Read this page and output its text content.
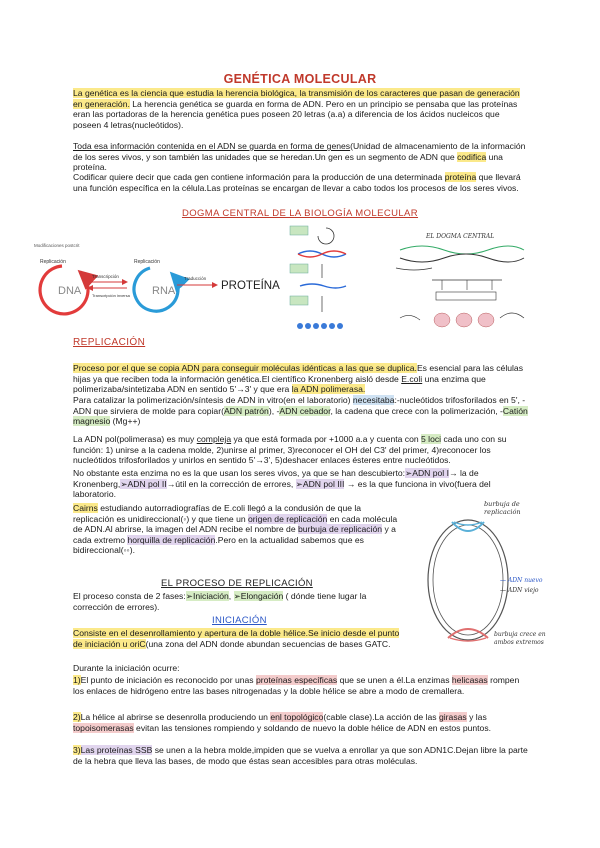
GENÉTICA MOLECULAR

La genética es la ciencia que estudia la herencia biológica, la transmisión de los caracteres que pasan de generación en generación. La herencia genética se guarda en forma de ADN. Pero en un principio se pensaba que las proteínas eran las portadoras de la herencia genética pues poseen 20 letras (a.a) a diferencia de los ácidos nucleicos que poseen 4 letras(nucleótidos).

Toda esa información contenida en el ADN se guarda en forma de genes(Unidad de almacenamiento de la información de los seres vivos, y son también las unidades que se heredan.Un gen es un segmento de ADN que codifica una proteína.

Codificar quiere decir que cada gen contiene información para la producción de una determinada proteína que llevará una función específica en la célula.Las proteínas se encargan de llevar a cabo todos los procesos de los seres vivos.

DOGMA CENTRAL DE LA BIOLOGÍA MOLECULAR
Modificaciones postcrit
Replicación
DNA
Transcripción
Transcripción inversa
Replicación
RNA
Traducción
PROTEÍNA
EL DOGMA CENTRAL
REPLICACIÓN

Proceso por el que se copia ADN para conseguir moléculas idénticas a las que se duplica.Es esencial para las células hijas ya que reciben toda la información genética.El científico Kronenberg aisló desde E.coli una enzima que polimerizaba/sintetizaba ADN en sentido 5'→3' y que era la ADN polimerasa.

Para catalizar la polimerización/síntesis de ADN in vitro(en el laboratorio) necesitaba:-nucleótidos trifosforilados en 5', -ADN que sirviera de molde para copiar(ADN patrón), -ADN cebador, la cadena que crece con la polimerización, -Catión magnesio (Mg++)

La ADN pol(polimerasa) es muy compleja ya que está formada por +1000 a.a y cuenta con 5 loci cada uno con su función: 1) unirse a la cadena molde, 2)unirse al primer, 3)reconocer el OH del C3' del primer, 4)reconocer los nucleótidos trifosforilados y unirlos en sentido 5'→3', 5)deshacer enlaces ésteres entre nucleótidos.

No obstante esta enzima no es la que usan los seres vivos, ya que se han descubierto:➢ADN pol I→ la de Kronenberg,➢ADN pol II→útil en la corrección de errores, ➢ADN pol III → es la que funciona in vivo(fuera del laboratorio.

Cairns estudiando autorradiografías de E.coli llegó a la condusión de que la replicación es unidireccional(◦) y que tiene un origen de replicación en cada molécula de ADN.Al abrirse, la imagen del ADN recibe el nombre de burbuja de replicación y a cada extremo horquilla de replicación.Pero en la actualidad sabemos que es bidireccional(◦◦).

burbuja de
replicación
— ADN nuevo
— ADN viejo
burbuja crece en
ambos extremos
EL PROCESO DE REPLICACIÓN

El proceso consta de 2 fases:➢Iniciación, ➢Elongación ( dónde tiene lugar la corrección de errores).

INICIACIÓN

Consiste en el desenrollamiento y apertura de la doble hélice.Se inicio desde el punto de iniciación u oriC(una zona del ADN donde abundan secuencias de bases GATC.

Durante la iniciación ocurre:

1)El punto de iniciación es reconocido por unas proteínas específicas que se unen a él.La enzimas helicasas rompen los enlaces de hidrógeno entre las bases nitrogenadas y la doble hélice se abre a modo de cremallera.

2)La hélice al abrirse se desenrolla produciendo un enl topológico(cable clase).La acción de las girasas y las topoisomerasas evitan las tensiones rompiendo y soldando de nuevo la doble hélice de ADN en estos puntos.

3)Las proteínas SSB se unen a la hebra molde,impiden que se vuelva a enrollar ya que son ADN1C.Dejan libre la parte de la hebra que lleva las bases, de modo que éstas sean accesibles para otras moléculas.
